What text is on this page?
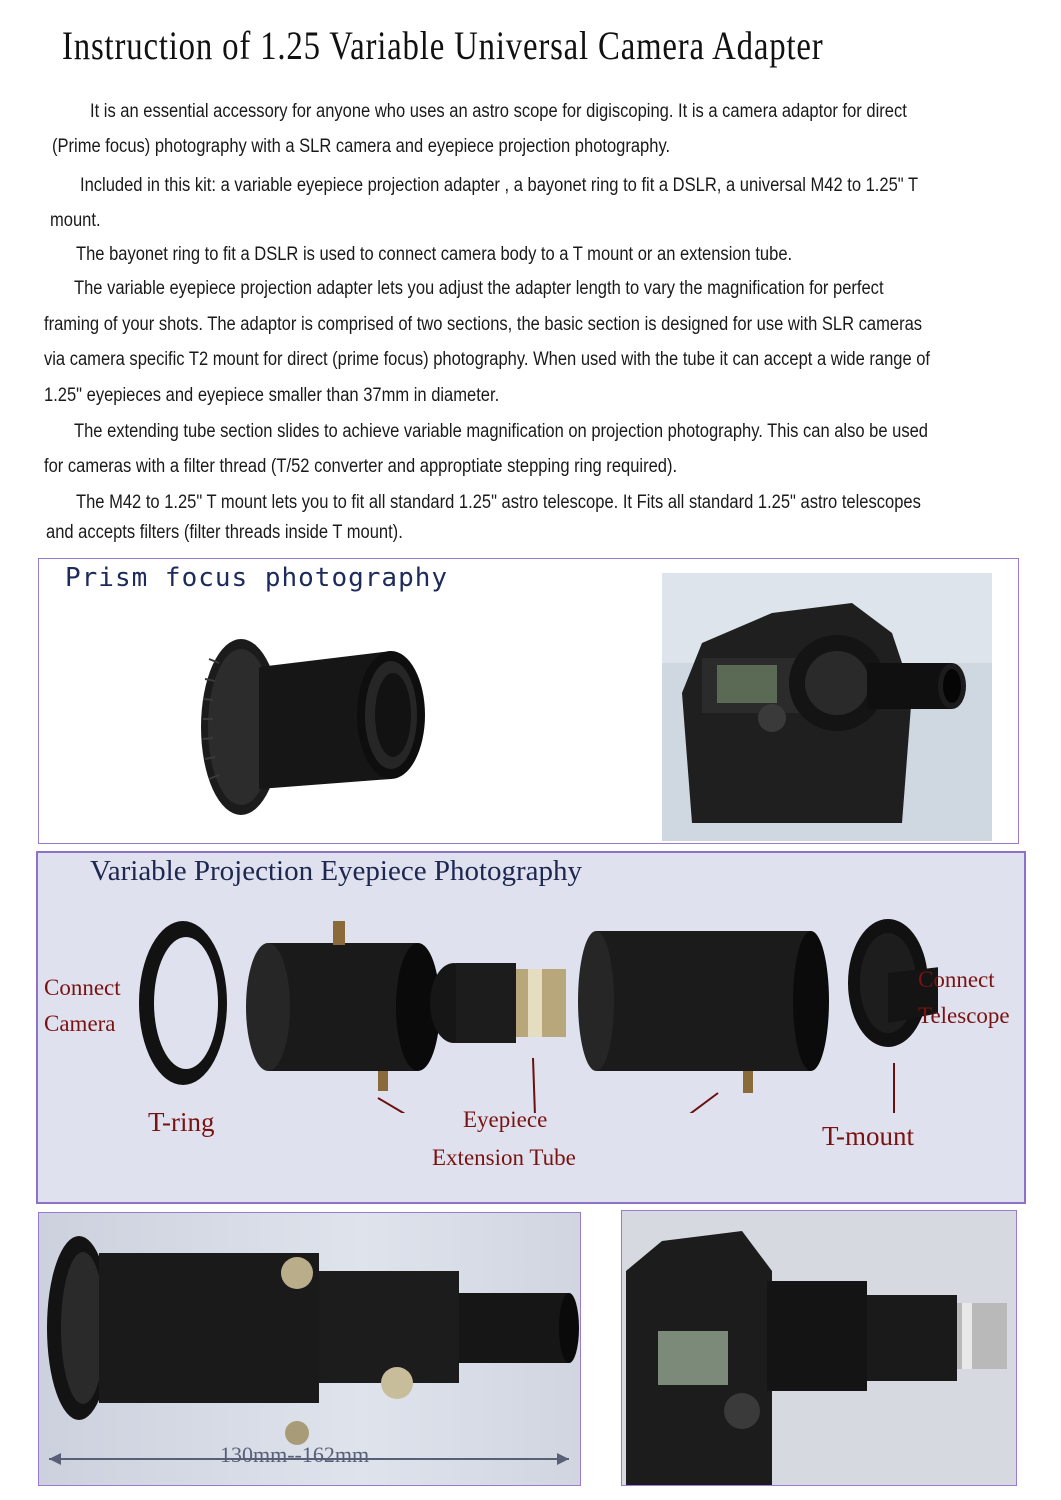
Instruction of 1.25 Variable Universal Camera Adapter
It is an essential accessory for anyone who uses an astro scope for digiscoping. It is a camera adaptor for direct
(Prime focus) photography with a SLR camera and eyepiece projection photography.
Included in this kit: a variable eyepiece projection adapter , a bayonet ring to fit a DSLR, a universal M42 to 1.25" T
mount.
The bayonet ring to fit a DSLR is used to connect camera body to a T mount or an extension tube.
The variable eyepiece projection adapter lets you adjust the adapter length to vary the magnification for perfect
framing of your shots. The adaptor is comprised of two sections, the basic section is designed for use with SLR cameras
via camera specific T2 mount for direct (prime focus) photography. When used with the tube it can accept a wide range of
1.25" eyepieces and eyepiece smaller than 37mm in diameter.
The extending tube section slides to achieve variable magnification on projection photography. This can also be used
for cameras with a filter thread (T/52 converter and approptiate stepping ring required).
The M42 to 1.25" T mount lets you to fit all standard 1.25" astro telescope. It Fits all standard 1.25" astro telescopes
and accepts filters (filter threads inside T mount).
Prism focus photography
Variable Projection Eyepiece Photography
Connect
Camera
Connect
Telescope
T-ring	Eyepiece
Extension Tube
T-mount
130mm--162mm
